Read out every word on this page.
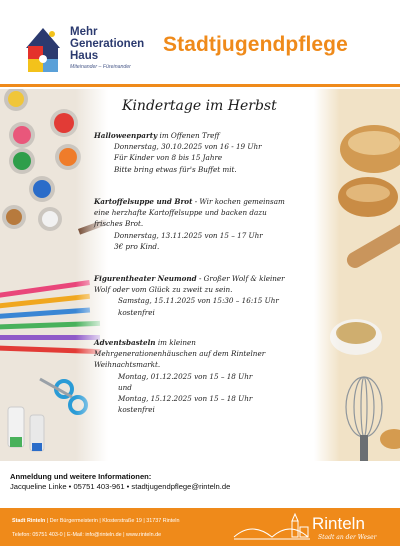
Mehr
Generationen
Haus
Miteinander – Füreinander
Stadtjugendpflege
Kindertage im Herbst
Halloweenparty im Offenen Treff
Donnerstag, 30.10.2025 von 16 - 19 Uhr
Für Kinder von 8 bis 15 Jahre
Bitte bring etwas für's Buffet mit.
Kartoffelsuppe und Brot - Wir kochen gemeinsam
eine herzhafte Kartoffelsuppe und backen dazu
frisches Brot.
Donnerstag, 13.11.2025 von 15 – 17 Uhr
3€ pro Kind.
Figurentheater Neumond - Großer Wolf & kleiner
Wolf oder vom Glück zu zweit zu sein.
Samstag, 15.11.2025 von 15:30 – 16:15 Uhr
kostenfrei
Adventsbasteln im kleinen
Mehrgenerationenhäuschen auf dem Rintelner
Weihnachtsmarkt.
Montag, 01.12.2025 von 15 – 18 Uhr
und
Montag, 15.12.2025 von 15 – 18 Uhr
kostenfrei
Anmeldung und weitere Informationen:
Jacqueline Linke • 05751 403-961 • stadtjugendpflege@rinteln.de
Stadt Rinteln | Der Bürgermeisterin | Klosterstraße 19 | 31737 Rinteln
Telefon: 05751 403-0 | E-Mail: info@rinteln.de | www.rinteln.de
Rinteln
Stadt an der Weser
